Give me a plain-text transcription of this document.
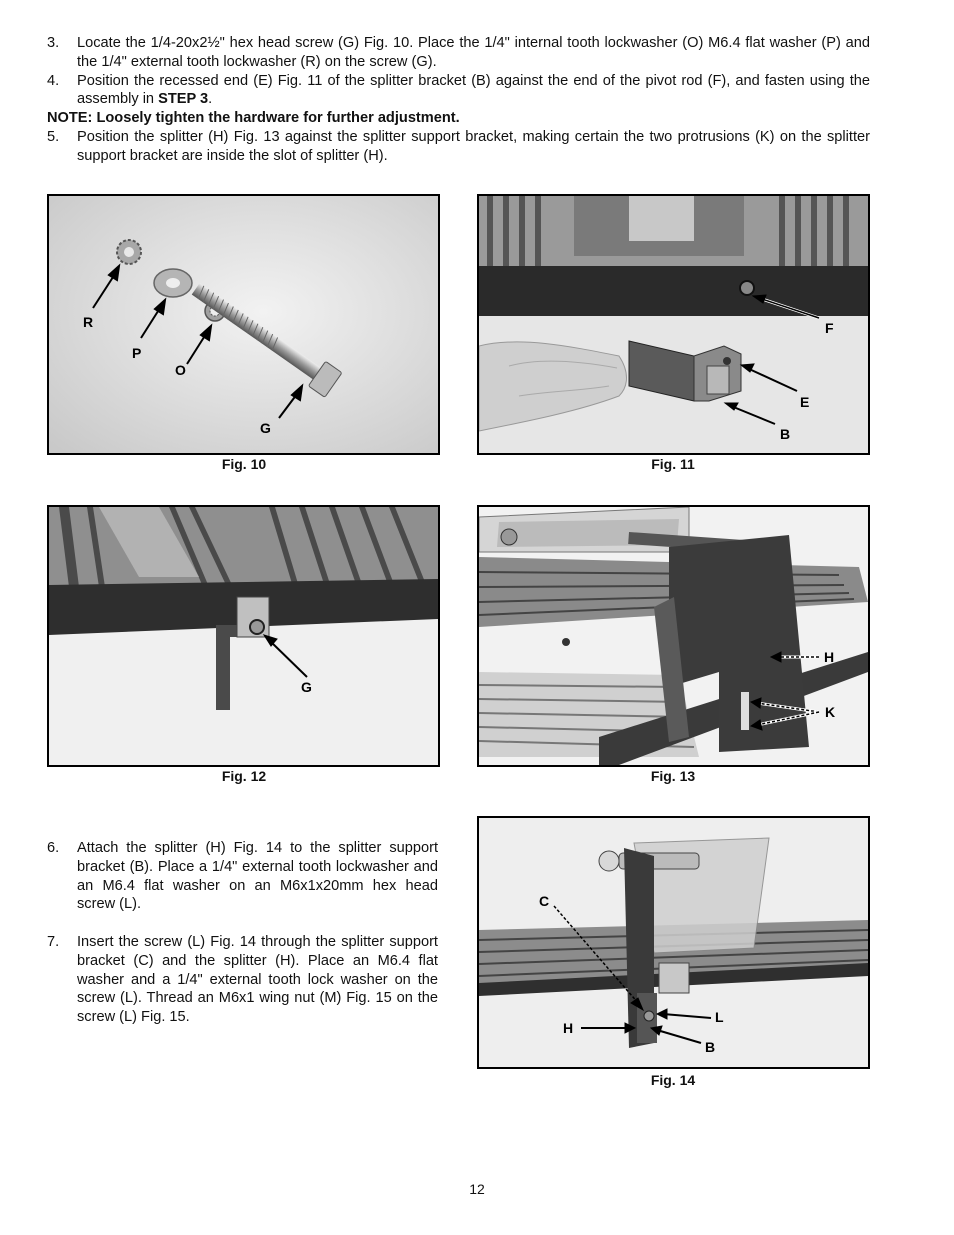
3.	Locate the 1/4-20x2½" hex head screw (G) Fig. 10. Place the 1/4" internal tooth lockwasher (O) M6.4 flat washer (P) and the 1/4" external tooth lockwasher (R) on the screw (G).
4.	Position the recessed end (E) Fig. 11 of the splitter bracket (B) against the end of the pivot rod (F), and fasten using the assembly in STEP 3.
NOTE: Loosely tighten the hardware for further adjustment.
5.	Position the splitter (H) Fig. 13 against the splitter support bracket, making certain the two protrusions (K) on the splitter support bracket are inside the slot of splitter (H).
R
P
O
G
Fig. 10
F
E
B
Fig. 11
G
Fig. 12
H
K
Fig. 13
6.	Attach the splitter (H) Fig. 14 to the splitter support bracket (B). Place a 1/4" external tooth lockwasher and an M6.4 flat washer on an M6x1x20mm hex head screw (L).
7.	Insert the screw (L) Fig. 14 through the splitter support bracket (C) and the splitter (H). Place an M6.4 flat washer and a 1/4" external tooth lock washer on the screw (L). Thread an M6x1 wing nut (M) Fig. 15 on the screw (L) Fig. 15.
C
L
H
B
Fig. 14
12
